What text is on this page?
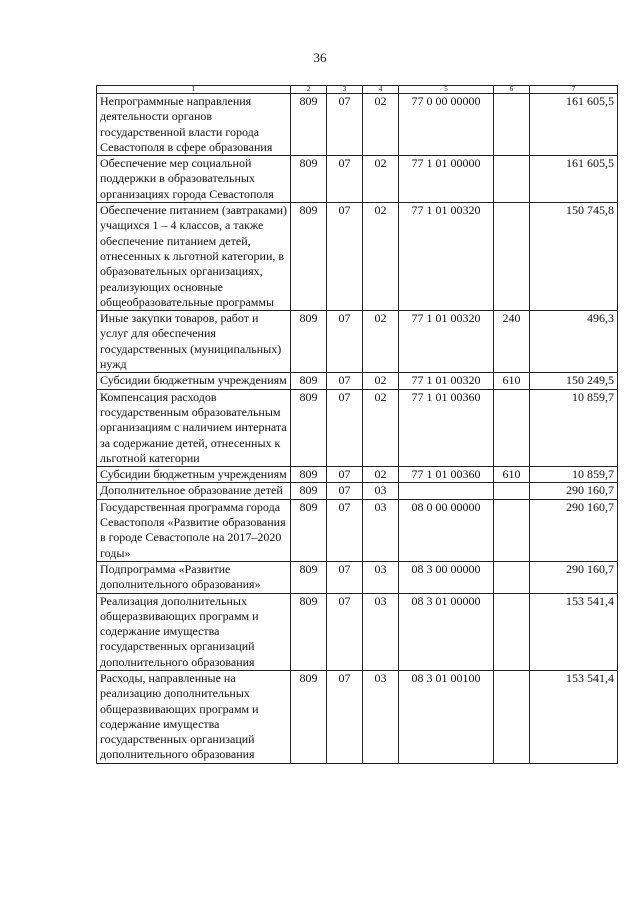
36
1	2	3	4	5	6	7
Непрограммные направления деятельности органов государственной власти города Севастополя в сфере образования	809	07	02	77 0 00 00000		161 605,5
Обеспечение мер социальной поддержки в образовательных организациях города Севастополя	809	07	02	77 1 01 00000		161 605,5
Обеспечение питанием (завтраками) учащихся 1 – 4 классов, а также обеспечение питанием детей, отнесенных к льготной категории, в образовательных организациях, реализующих основные общеобразовательные программы	809	07	02	77 1 01 00320		150 745,8
Иные закупки товаров, работ и услуг для обеспечения государственных (муниципальных) нужд	809	07	02	77 1 01 00320	240	496,3
Субсидии бюджетным учреждениям	809	07	02	77 1 01 00320	610	150 249,5
Компенсация расходов государственным образовательным организациям с наличием интерната за содержание детей, отнесенных к льготной категории	809	07	02	77 1 01 00360		10 859,7
Субсидии бюджетным учреждениям	809	07	02	77 1 01 00360	610	10 859,7
Дополнительное образование детей	809	07	03			290 160,7
Государственная программа города Севастополя «Развитие образования в городе Севастополе на 2017–2020 годы»	809	07	03	08 0 00 00000		290 160,7
Подпрограмма «Развитие дополнительного образования»	809	07	03	08 3 00 00000		290 160,7
Реализация дополнительных общеразвивающих программ и содержание имущества государственных организаций дополнительного образования	809	07	03	08 3 01 00000		153 541,4
Расходы, направленные на реализацию дополнительных общеразвивающих программ и содержание имущества государственных организаций дополнительного образования	809	07	03	08 3 01 00100		153 541,4
